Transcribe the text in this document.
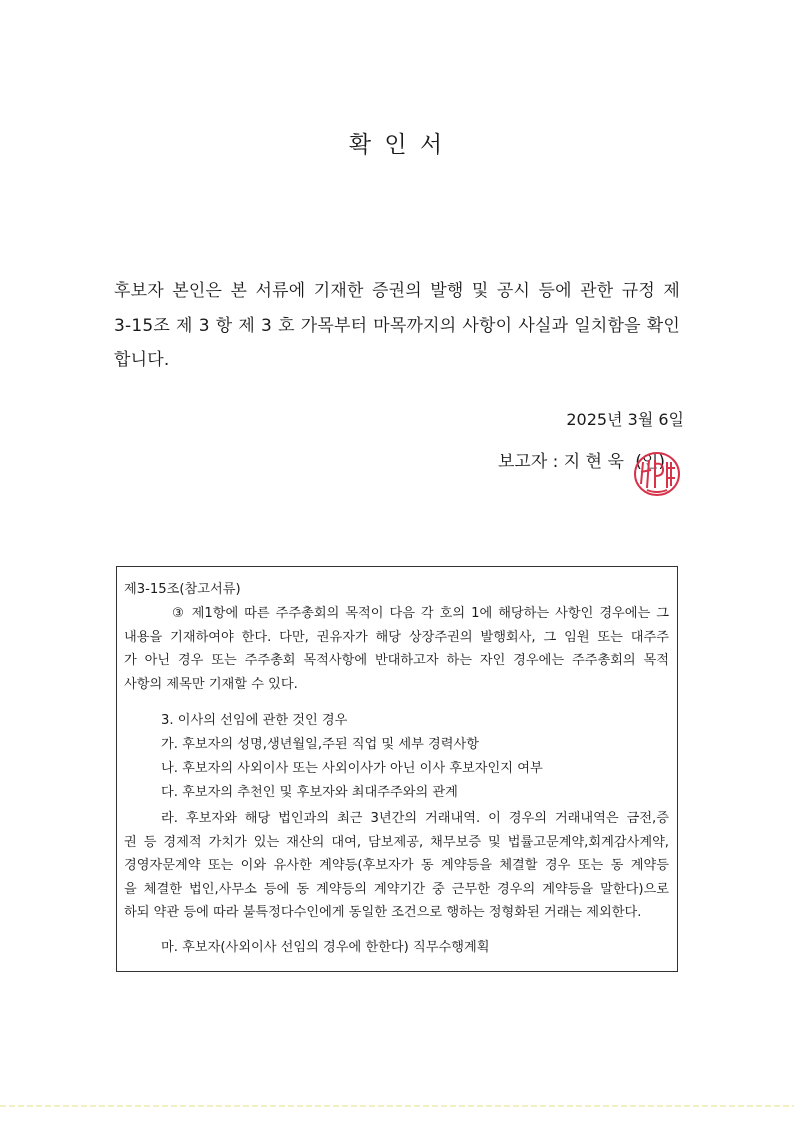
확 인 서
후보자 본인은 본 서류에 기재한 증권의 발행 및 공시 등에 관한 규정 제
3-15조 제 3 항 제 3 호 가목부터 마목까지의 사항이 사실과 일치함을 확인
합니다.
2025년 3월 6일
보고자 : 지 현 욱 (인)
제3-15조(참고서류)
③ 제1항에 따른 주주총회의 목적이 다음 각 호의 1에 해당하는 사항인 경우에는 그
내용을 기재하여야 한다. 다만, 권유자가 해당 상장주권의 발행회사, 그 임원 또는 대주주
가 아닌 경우 또는 주주총회 목적사항에 반대하고자 하는 자인 경우에는 주주총회의 목적
사항의 제목만 기재할 수 있다.
3. 이사의 선임에 관한 것인 경우
가. 후보자의 성명,생년월일,주된 직업 및 세부 경력사항
나. 후보자의 사외이사 또는 사외이사가 아닌 이사 후보자인지 여부
다. 후보자의 추천인 및 후보자와 최대주주와의 관계
라. 후보자와 해당 법인과의 최근 3년간의 거래내역. 이 경우의 거래내역은 금전,증
권 등 경제적 가치가 있는 재산의 대여, 담보제공, 채무보증 및 법률고문계약,회계감사계약,
경영자문계약 또는 이와 유사한 계약등(후보자가 동 계약등을 체결할 경우 또는 동 계약등
을 체결한 법인,사무소 등에 동 계약등의 계약기간 중 근무한 경우의 계약등을 말한다)으로
하되 약관 등에 따라 불특정다수인에게 동일한 조건으로 행하는 정형화된 거래는 제외한다.
마. 후보자(사외이사 선임의 경우에 한한다) 직무수행계획
